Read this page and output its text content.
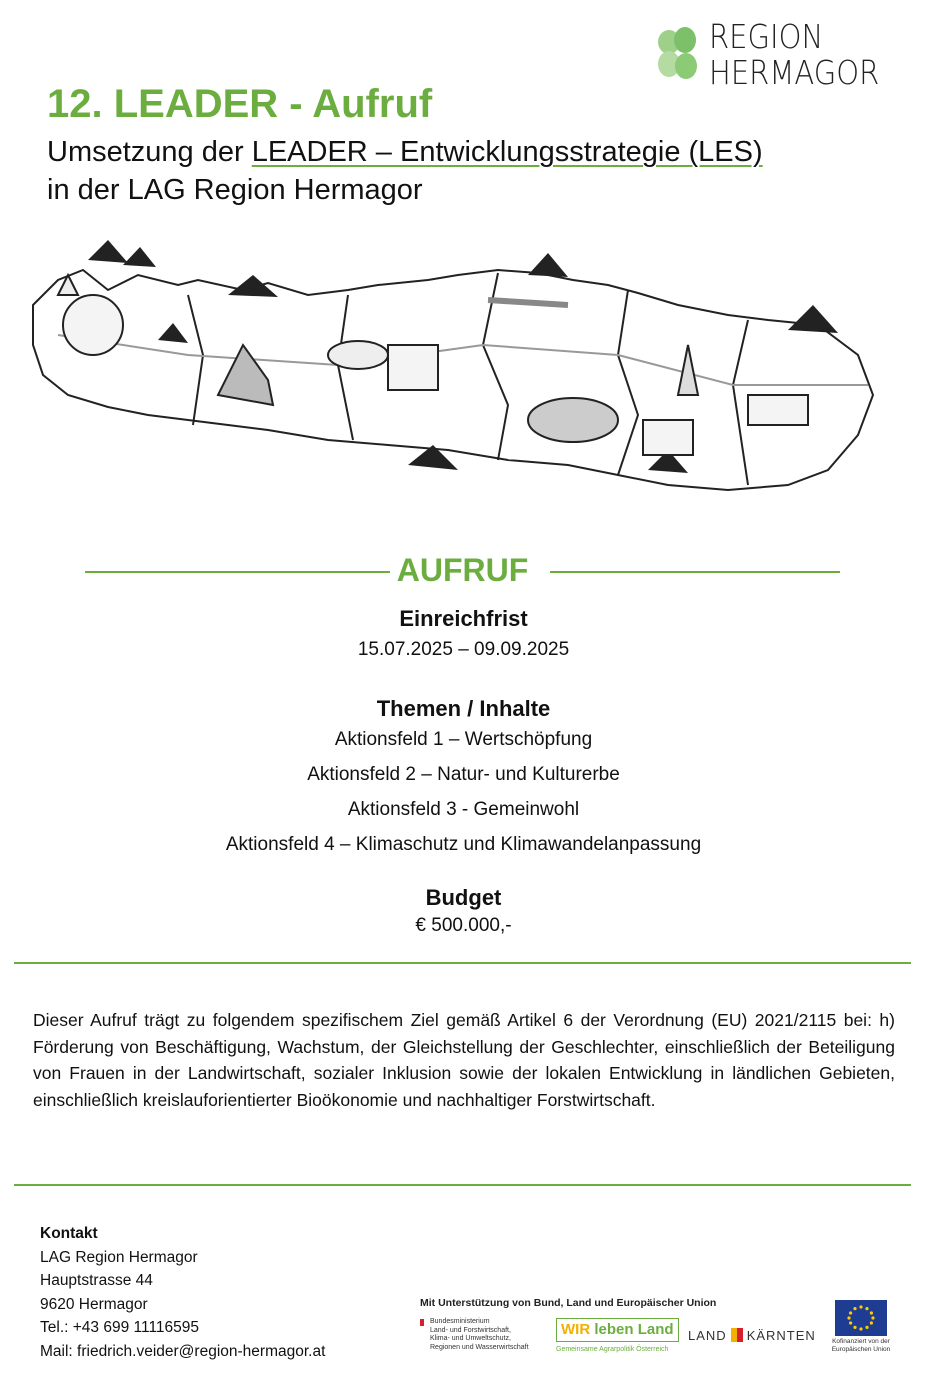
REGION
HERMAGOR
12. LEADER - Aufruf
Umsetzung der LEADER – Entwicklungsstrategie (LES)
in der LAG Region Hermagor
AUFRUF
Einreichfrist
15.07.2025 – 09.09.2025
Themen / Inhalte
Aktionsfeld 1 – Wertschöpfung
Aktionsfeld 2 – Natur- und Kulturerbe
Aktionsfeld 3 - Gemeinwohl
Aktionsfeld 4 – Klimaschutz und Klimawandelanpassung
Budget
€ 500.000,-
Dieser Aufruf trägt zu folgendem spezifischem Ziel gemäß Artikel 6 der Verordnung (EU) 2021/2115 bei: h) Förderung von Beschäftigung, Wachstum, der Gleichstellung der Geschlechter, einschließlich der Beteiligung von Frauen in der Landwirtschaft, sozialer Inklusion sowie der lokalen Entwicklung in ländlichen Gebieten, einschließlich kreislauforientierter Bioökonomie und nachhaltiger Forstwirtschaft.
Kontakt
LAG Region Hermagor
Hauptstrasse 44
9620 Hermagor
Tel.: +43 699 11116595
Mail: friedrich.veider@region-hermagor.at
Mit Unterstützung von Bund, Land und Europäischer Union
Bundesministerium
Land- und Forstwirtschaft,
Klima- und Umweltschutz,
Regionen und Wasserwirtschaft
WIR leben Land
Gemeinsame Agrarpolitik Österreich
LAND KÄRNTEN	Kofinanziert von der
Europäischen Union
